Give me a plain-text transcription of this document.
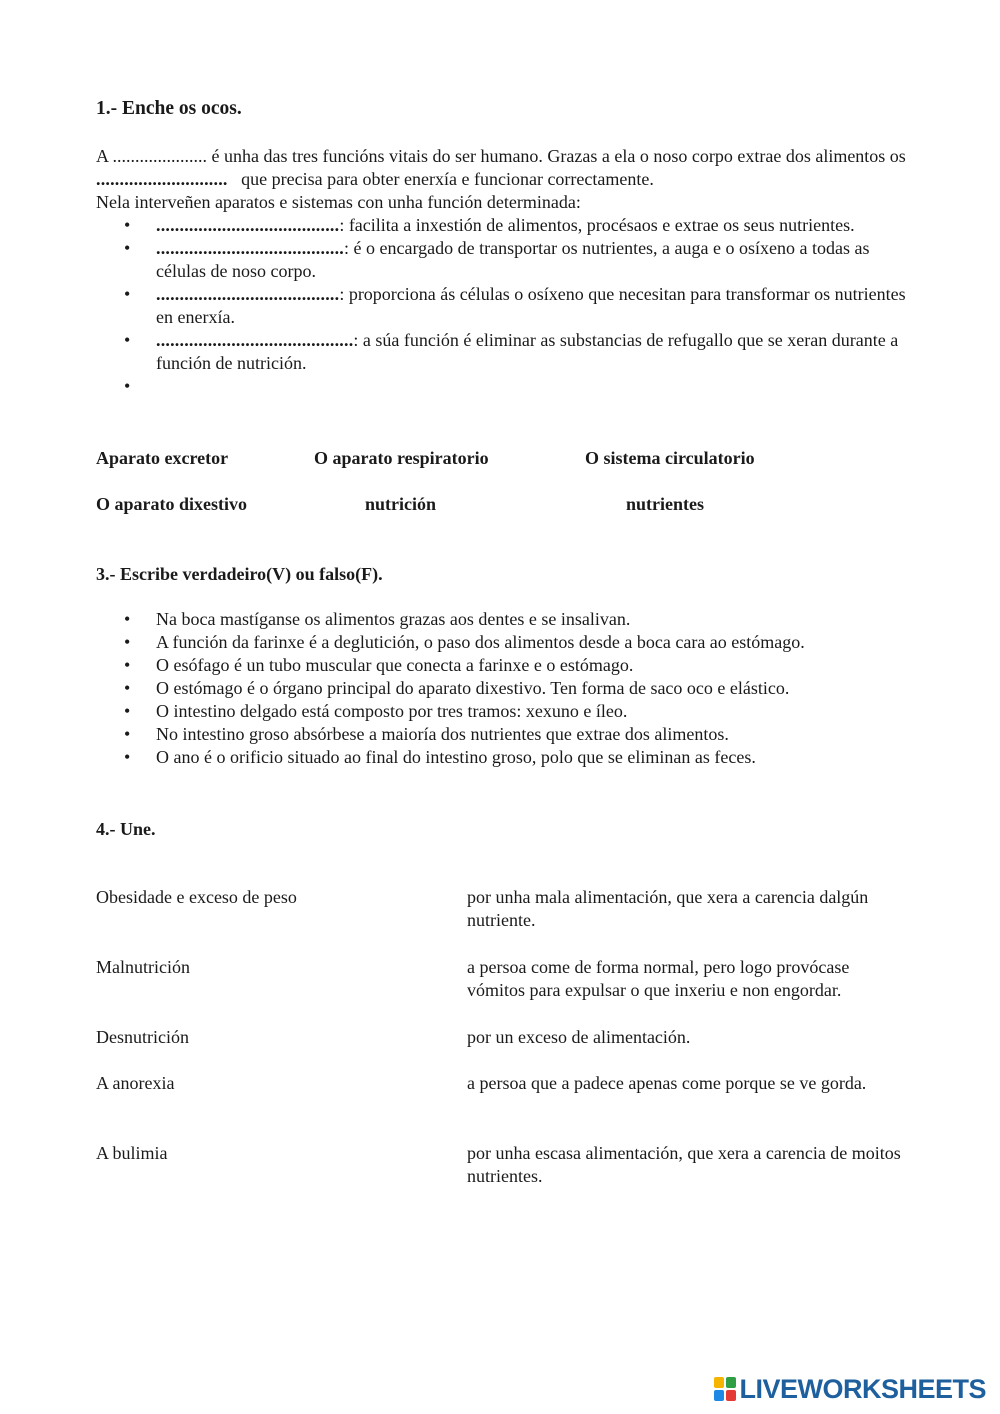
1.- Enche os ocos.

A ..................... é unha das tres funcións vitais do ser humano. Grazas a ela o noso corpo extrae dos alimentos os ............................   que precisa para obter enerxía e funcionar correctamente.

Nela interveñen aparatos e sistemas con unha función determinada:

• .......................................: facilita a inxestión de alimentos, procésaos e extrae os seus nutrientes.
• ........................................: é o encargado de transportar os nutrientes, a auga e o osíxeno a todas as células de noso corpo.
• .......................................: proporciona ás células o osíxeno que necesitan para transformar os nutrientes en enerxía.
• ..........................................: a súa función é eliminar as substancias de refugallo que se xeran durante a función de nutrición.
•

Aparato excretor	O aparato respiratorio	O sistema circulatorio
O aparato dixestivo	nutrición	nutrientes
3.- Escribe verdadeiro(V) ou falso(F).
• Na boca mastíganse os alimentos grazas aos dentes e se insalivan.
• A función da farinxe é a deglutición, o paso dos alimentos desde a boca cara ao estómago.
• O esófago é un tubo muscular que conecta a farinxe e o estómago.
• O estómago é o órgano principal do aparato dixestivo. Ten forma de saco oco e elástico.
• O intestino delgado está composto por tres tramos: xexuno e íleo.
• No intestino groso absórbese a maioría dos nutrientes que extrae dos alimentos.
• O ano é o orificio situado ao final do intestino groso, polo que se eliminan as feces.
4.- Une.
Obesidade e exceso de peso	por unha mala alimentación, que xera a carencia dalgún nutriente.
Malnutrición	a persoa come de forma normal, pero logo provócase vómitos para expulsar o que inxeriu e non engordar.
Desnutrición	por un exceso de alimentación.
A anorexia	a persoa que a padece apenas come porque se ve gorda.
A bulimia	por unha escasa alimentación, que xera a carencia de moitos nutrientes.
LIVEWORKSHEETS
